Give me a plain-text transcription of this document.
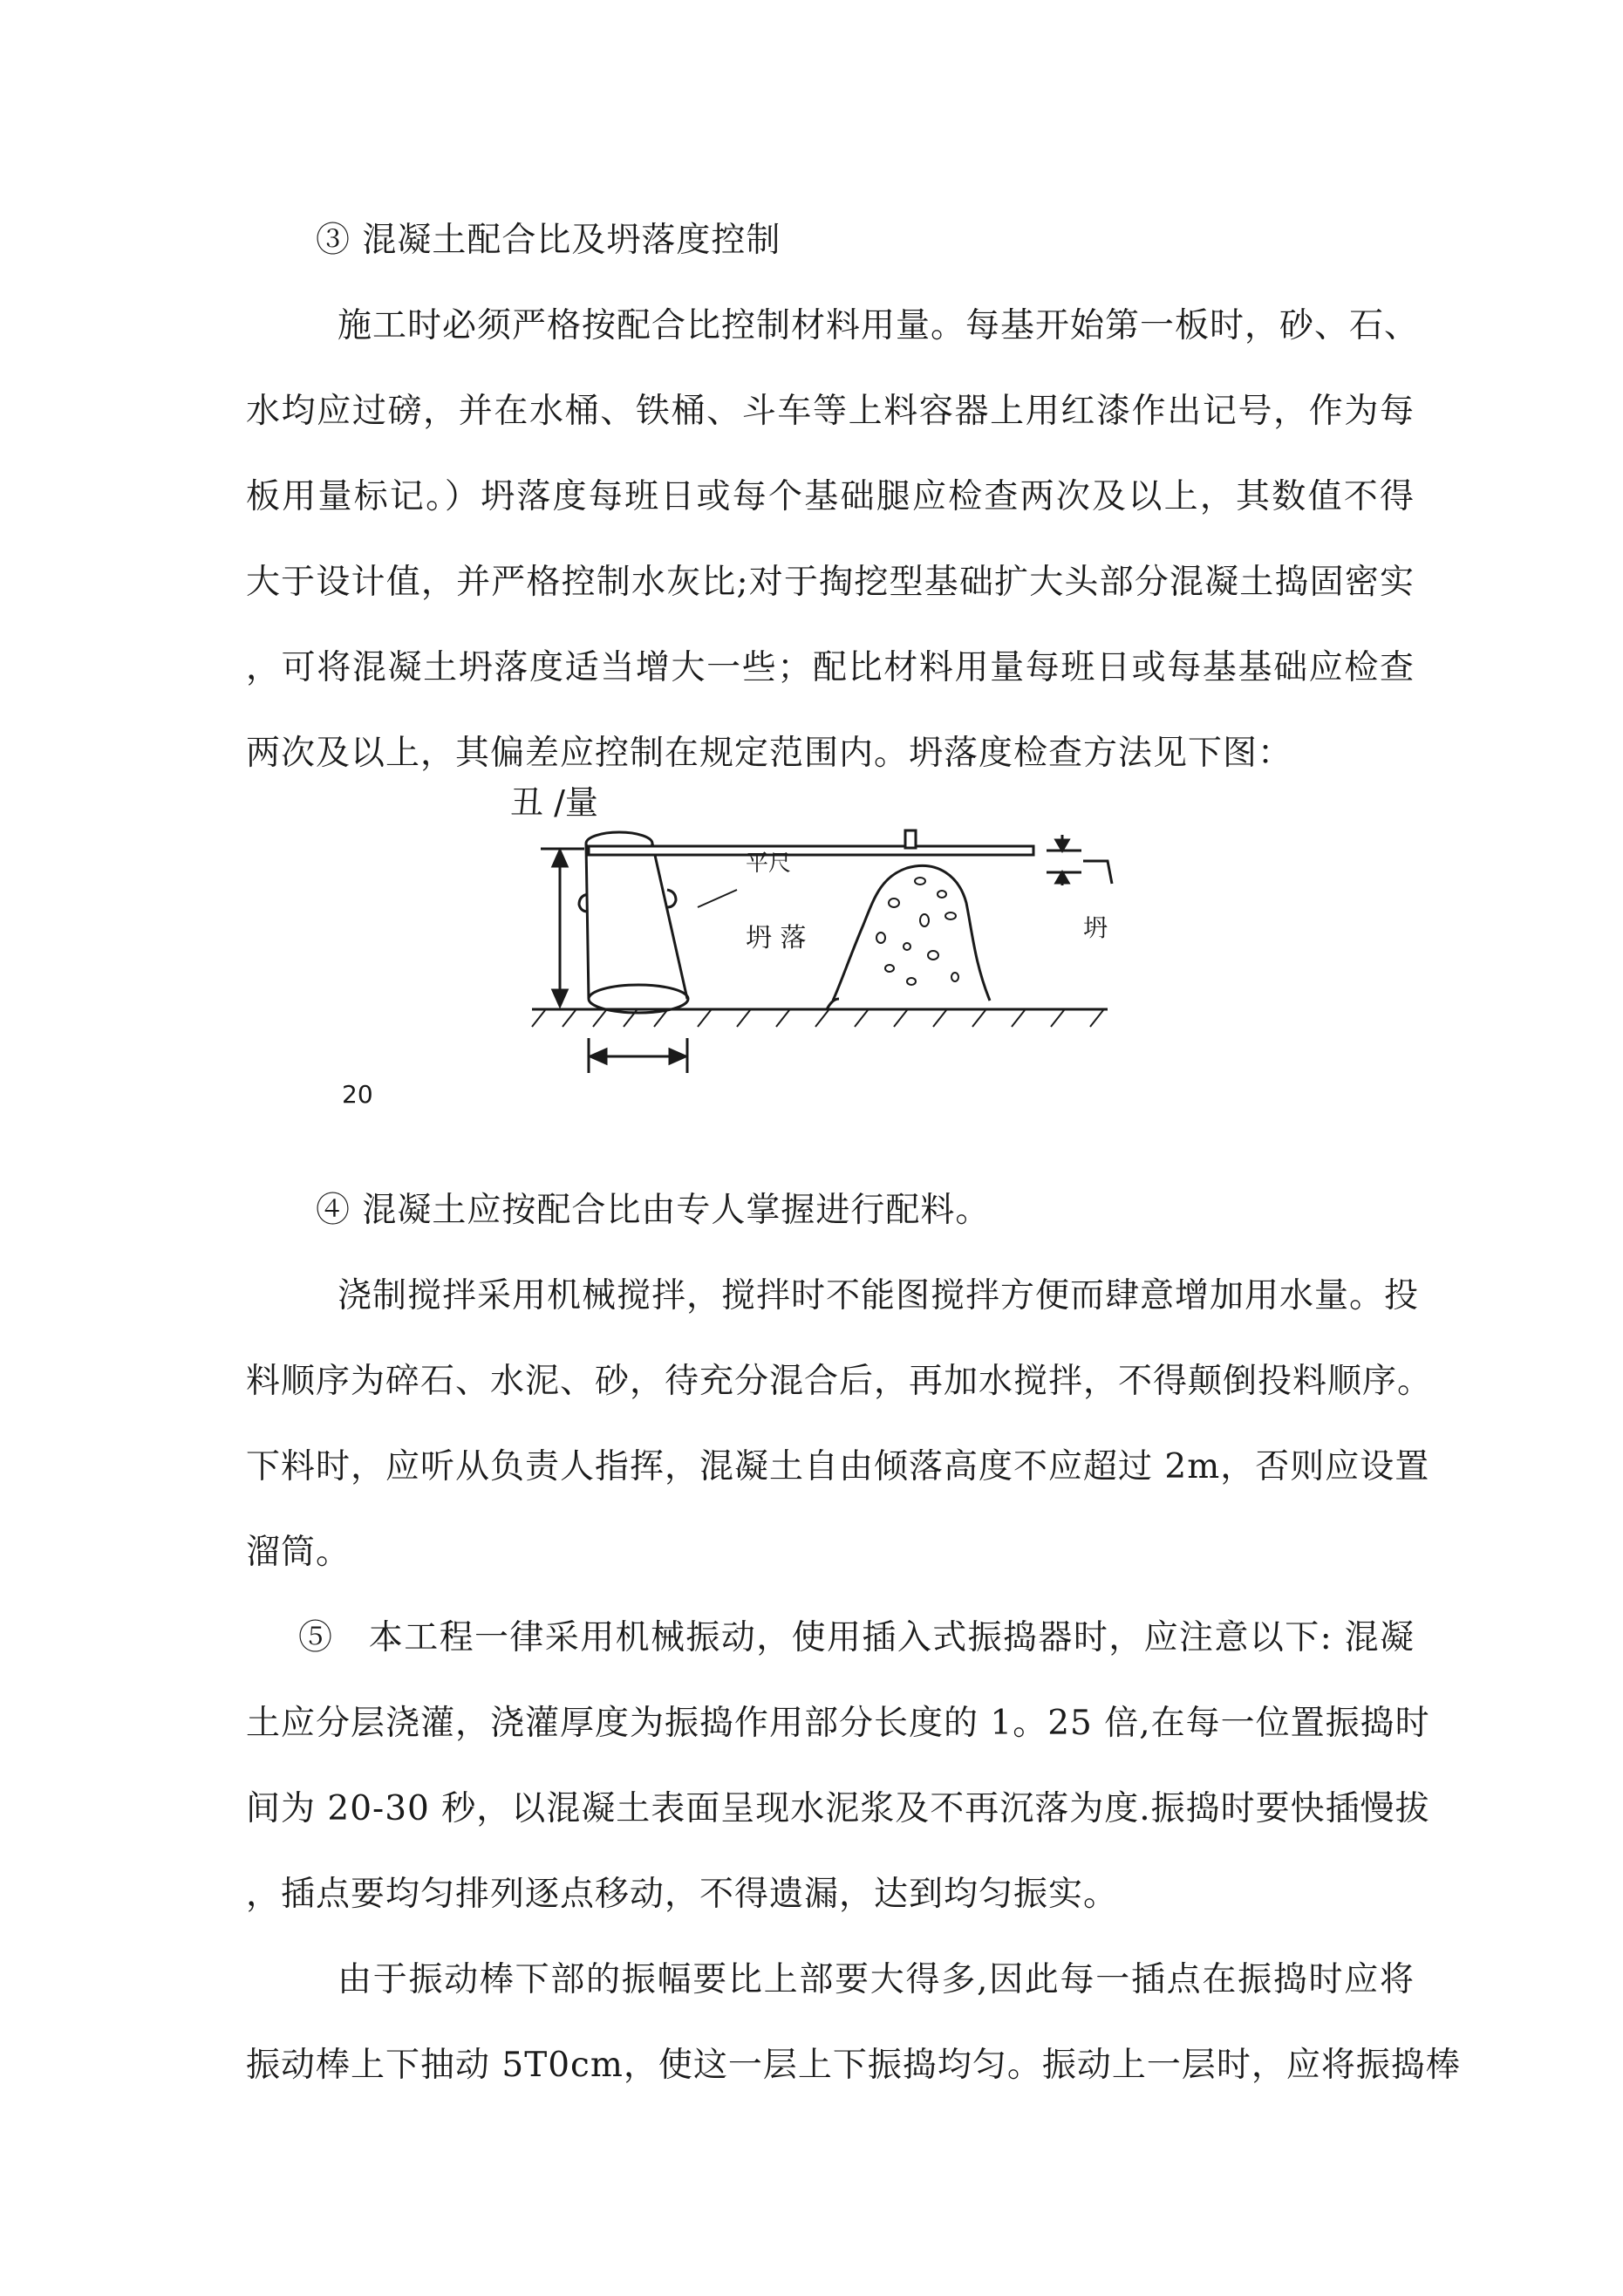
③ 混凝土配合比及坍落度控制
施工时必须严格按配合比控制材料用量。每基开始第一板时，砂、石、
水均应过磅，并在水桶、铁桶、斗车等上料容器上用红漆作出记号，作为每
板用量标记。）坍落度每班日或每个基础腿应检查两次及以上，其数值不得
大于设计值，并严格控制水灰比;对于掏挖型基础扩大头部分混凝土捣固密实
，可将混凝土坍落度适当增大一些；配比材料用量每班日或每基基础应检查
两次及以上，其偏差应控制在规定范围内。坍落度检查方法见下图：
丑 /量
平尺
坍 落	坍
20
④ 混凝土应按配合比由专人掌握进行配料。
浇制搅拌采用机械搅拌，搅拌时不能图搅拌方便而肆意增加用水量。投
料顺序为碎石、水泥、砂，待充分混合后，再加水搅拌，不得颠倒投料顺序。
下料时，应听从负责人指挥，混凝土自由倾落高度不应超过 2m，否则应设置
溜筒。
⑤　本工程一律采用机械振动，使用插入式振捣器时，应注意以下: 混凝
土应分层浇灌，浇灌厚度为振捣作用部分长度的 1。25 倍,在每一位置振捣时
间为 20-30 秒，以混凝土表面呈现水泥浆及不再沉落为度.振捣时要快插慢拔
，插点要均匀排列逐点移动，不得遗漏，达到均匀振实。
由于振动棒下部的振幅要比上部要大得多,因此每一插点在振捣时应将
振动棒上下抽动 5T0cm，使这一层上下振捣均匀。振动上一层时，应将振捣棒
